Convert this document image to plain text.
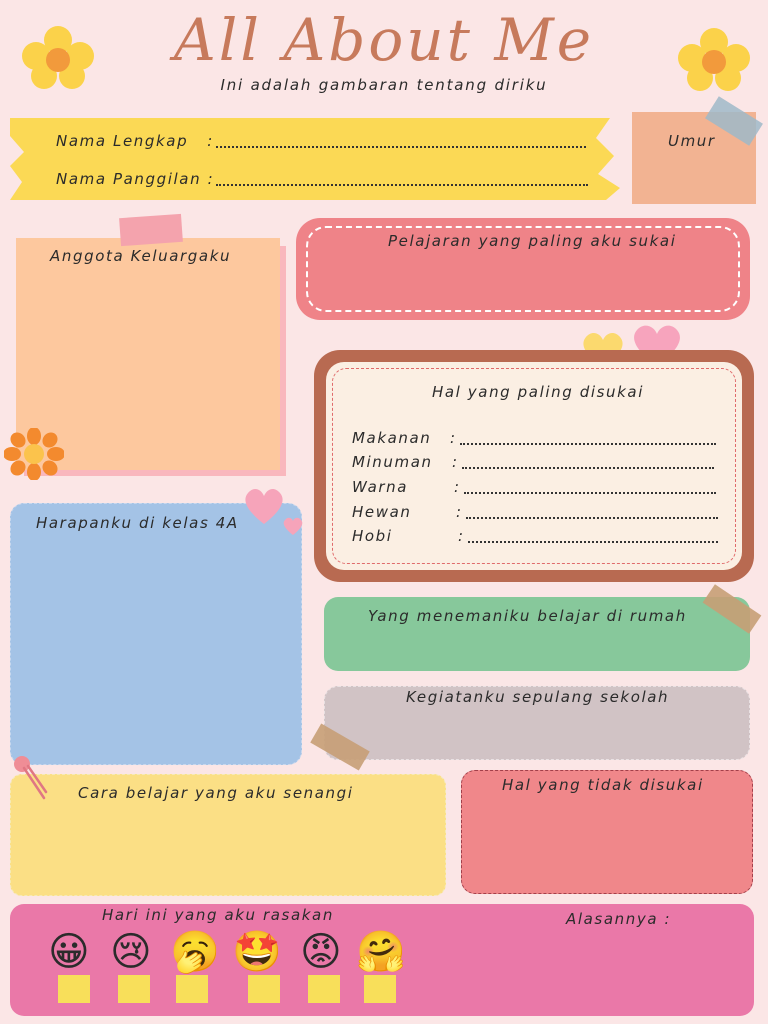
All About Me
Ini adalah gambaran tentang diriku
Nama Lengkap   :
Nama Panggilan :
Umur
Anggota Keluargaku
Pelajaran yang paling aku sukai
Hal yang paling disukai
Makanan :
Minuman :
Warna	:
Hewan	:
Hobi	:
Harapanku di kelas 4A
Yang menemaniku belajar di rumah
Kegiatanku sepulang sekolah
Cara belajar yang aku senangi	Hal yang tidak disukai
Hari ini yang aku rasakan	Alasannya :
😀 😢 🥱 🤩 😡 🤗
